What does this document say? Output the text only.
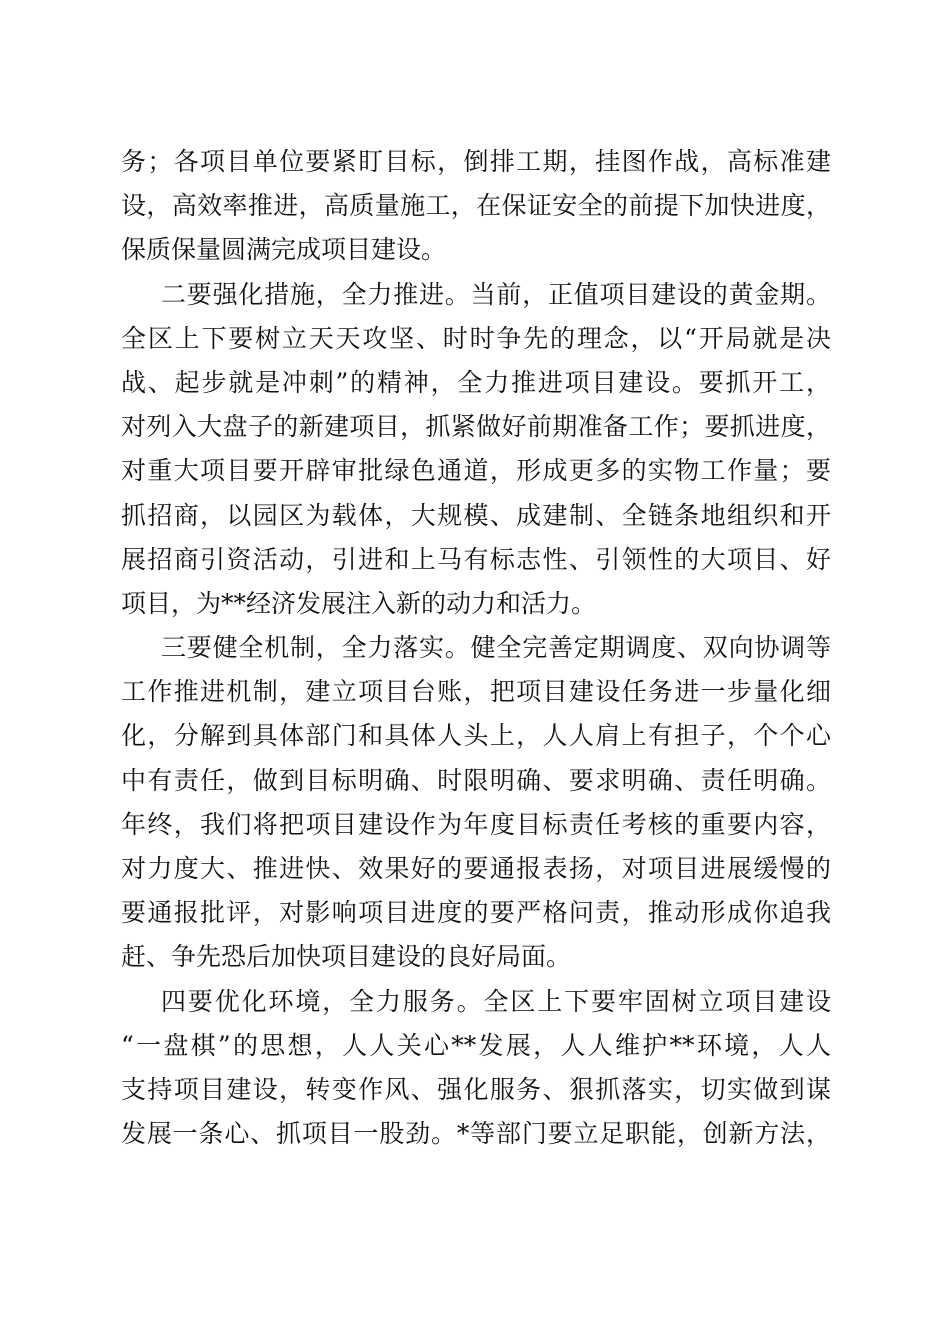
务；各项目单位要紧盯目标，倒排工期，挂图作战，高标准建
设，高效率推进，高质量施工，在保证安全的前提下加快进度，
保质保量圆满完成项目建设。
二要强化措施，全力推进。当前，正值项目建设的黄金期。
全区上下要树立天天攻坚、时时争先的理念，以“开局就是决
战、起步就是冲刺”的精神，全力推进项目建设。要抓开工，
对列入大盘子的新建项目，抓紧做好前期准备工作；要抓进度，
对重大项目要开辟审批绿色通道，形成更多的实物工作量；要
抓招商，以园区为载体，大规模、成建制、全链条地组织和开
展招商引资活动，引进和上马有标志性、引领性的大项目、好
项目，为**经济发展注入新的动力和活力。
三要健全机制，全力落实。健全完善定期调度、双向协调等
工作推进机制，建立项目台账，把项目建设任务进一步量化细
化，分解到具体部门和具体人头上，人人肩上有担子，个个心
中有责任，做到目标明确、时限明确、要求明确、责任明确。
年终，我们将把项目建设作为年度目标责任考核的重要内容，
对力度大、推进快、效果好的要通报表扬，对项目进展缓慢的
要通报批评，对影响项目进度的要严格问责，推动形成你追我
赶、争先恐后加快项目建设的良好局面。
四要优化环境，全力服务。全区上下要牢固树立项目建设
“一盘棋”的思想，人人关心**发展，人人维护**环境，人人
支持项目建设，转变作风、强化服务、狠抓落实，切实做到谋
发展一条心、抓项目一股劲。*等部门要立足职能，创新方法，
